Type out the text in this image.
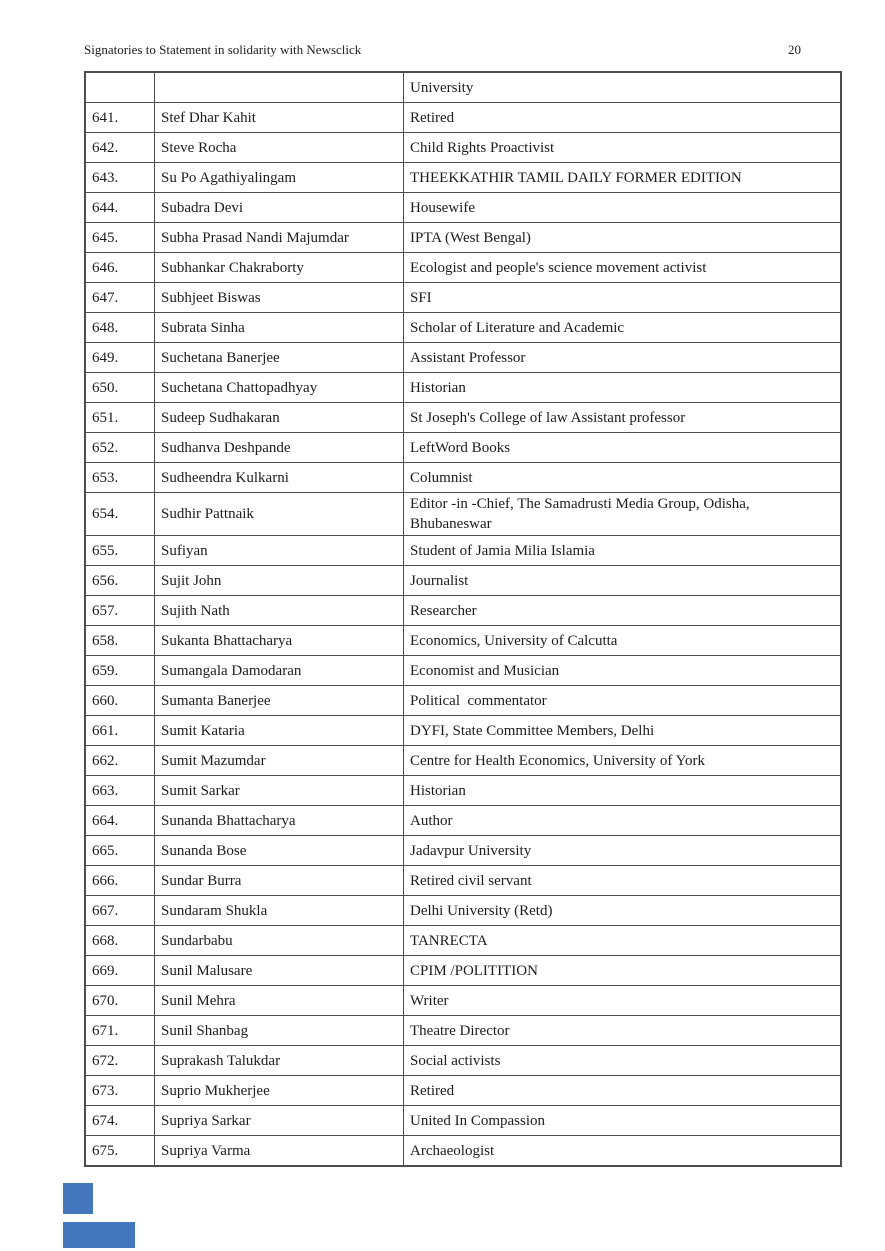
Signatories to Statement in solidarity with Newsclick	20
		University
641.	Stef Dhar Kahit	Retired
642.	Steve Rocha	Child Rights Proactivist
643.	Su Po Agathiyalingam	THEEKKATHIR TAMIL DAILY FORMER EDITION
644.	Subadra Devi	Housewife
645.	Subha Prasad Nandi Majumdar	IPTA (West Bengal)
646.	Subhankar Chakraborty	Ecologist and people's science movement activist
647.	Subhjeet Biswas	SFI
648.	Subrata Sinha	Scholar of Literature and Academic
649.	Suchetana Banerjee	Assistant Professor
650.	Suchetana Chattopadhyay	Historian
651.	Sudeep Sudhakaran	St Joseph's College of law Assistant professor
652.	Sudhanva Deshpande	LeftWord Books
653.	Sudheendra Kulkarni	Columnist
654.	Sudhir Pattnaik	Editor -in -Chief, The Samadrusti Media Group, Odisha, Bhubaneswar
655.	Sufiyan	Student of Jamia Milia Islamia
656.	Sujit John	Journalist
657.	Sujith Nath	Researcher
658.	Sukanta Bhattacharya	Economics, University of Calcutta
659.	Sumangala Damodaran	Economist and Musician
660.	Sumanta Banerjee	Political  commentator
661.	Sumit Kataria	DYFI, State Committee Members, Delhi
662.	Sumit Mazumdar	Centre for Health Economics, University of York
663.	Sumit Sarkar	Historian
664.	Sunanda Bhattacharya	Author
665.	Sunanda Bose	Jadavpur University
666.	Sundar Burra	Retired civil servant
667.	Sundaram Shukla	Delhi University (Retd)
668.	Sundarbabu	TANRECTA
669.	Sunil Malusare	CPIM /POLITITION
670.	Sunil Mehra	Writer
671.	Sunil Shanbag	Theatre Director
672.	Suprakash Talukdar	Social activists
673.	Suprio Mukherjee	Retired
674.	Supriya Sarkar	United In Compassion
675.	Supriya Varma	Archaeologist
